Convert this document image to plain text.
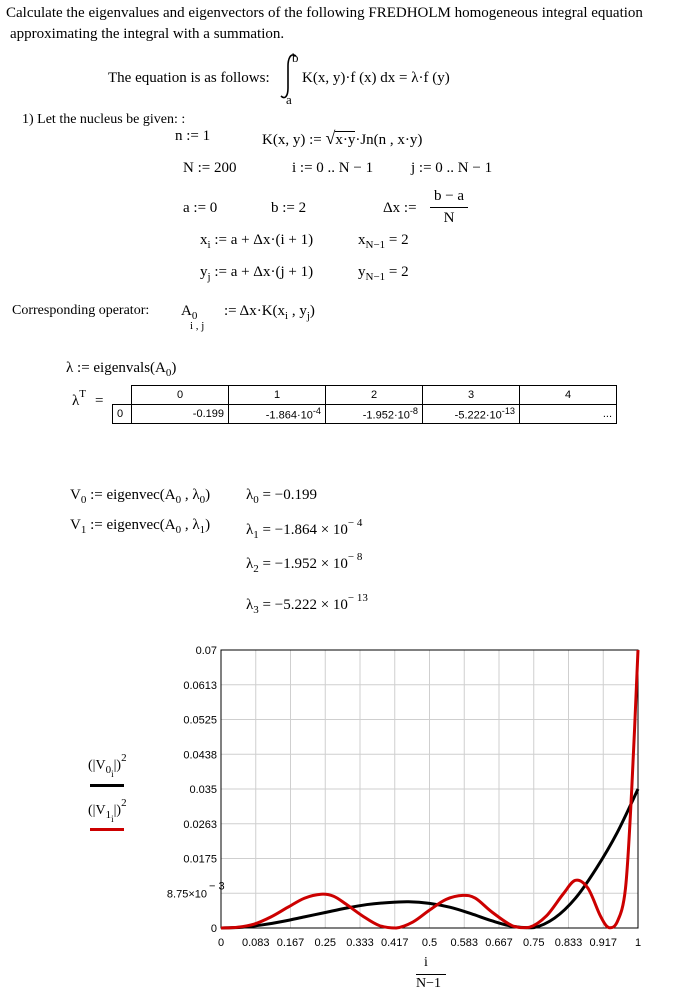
Calculate the eigenvalues and eigenvectors of the following FREDHOLM homogeneous integral equation
approximating the integral with a summation.
The equation is as follows:
b
a
K(x, y)·f (x) dx = λ·f (y)
1) Let the nucleus be given: :
n := 1	K(x, y) := √x·y·Jn(n , x·y)
N := 200	i := 0 .. N − 1	j := 0 .. N − 1
a := 0	b := 2	Δx :=
b − a
N
$x_i$ := a + Δx·(i + 1)	$x_{N-1} = 2$
$y_j$ := a + Δx·(j + 1)	$y_{N-1} = 2$
Corresponding operator: $A_0$
i , j
:= $\Delta x\cdot K(x_i$ , $y_j$)
λ := $eigenvals(A_0)$
$\lambda^T$ =
		0	1	2	3	4
0	-0.199	$-1.864\cdot 10^{-4}$	$-1.952\cdot 10^{-8}$	$-5.222\cdot 10^{-13}$	...
$V_0$ := $eigenvec(A_0$ , $\lambda_0$)
$V_1$ := $eigenvec(A_0$ , $\lambda_1$)
$\lambda_0 = -0.199$
$\lambda_1 = -1.864 \times 10^{- 4}$
$\lambda_2 = -1.952 \times 10^{- 8}$
$\lambda_3 = -5.222 \times 10^{- 13}$
$(|V_{0i}|)^2$
$(|V_{1i}|)^2$
0 0.083 0.167 0.25 0.333 0.417 0.5 0.583 0.667 0.75 0.833 0.917 1
0.07
0.0613
0.0525
0.0438
0.035
0.0263
0.0175
8.75×10
− 3
0
i
N−1
